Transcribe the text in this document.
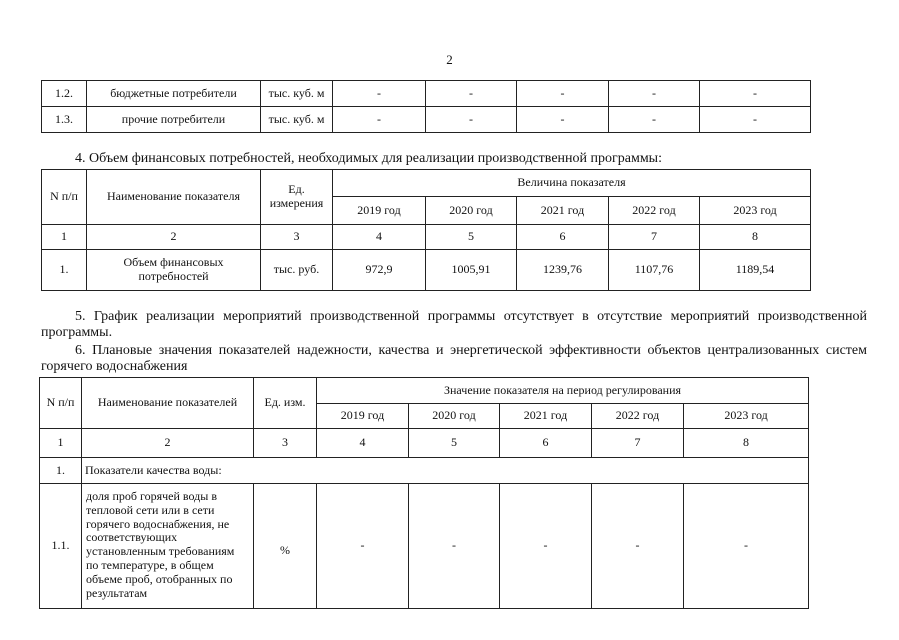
2
1.2.	бюджетные потребители	тыс. куб. м	-	-	-	-	-
1.3.	прочие потребители	тыс. куб. м	-	-	-	-	-
4. Объем финансовых потребностей, необходимых для реализации производственной программы:
N п/п	Наименование показателя	Ед. измерения	Величина показателя				
			2019 год	2020 год	2021 год	2022 год	2023 год
1	2	3	4	5	6	7	8
1.	Объем финансовых потребностей	тыс. руб.	972,9	1005,91	1239,76	1107,76	1189,54
5. График реализации мероприятий производственной программы отсутствует в отсутствие мероприятий производственной программы.
6. Плановые значения показателей надежности, качества и энергетической эффективности объектов централизованных систем горячего водоснабжения
N п/п	Наименование показателей	Ед. изм.	Значение показателя на период регулирования				
			2019 год	2020 год	2021 год	2022 год	2023 год
1	2	3	4	5	6	7	8
1.	Показатели качества воды:						
1.1.	доля проб горячей воды в тепловой сети или в сети горячего водоснабжения, не соответствующих установленным требованиям по температуре, в общем объеме проб, отобранных по результатам	%	-	-	-	-	-
